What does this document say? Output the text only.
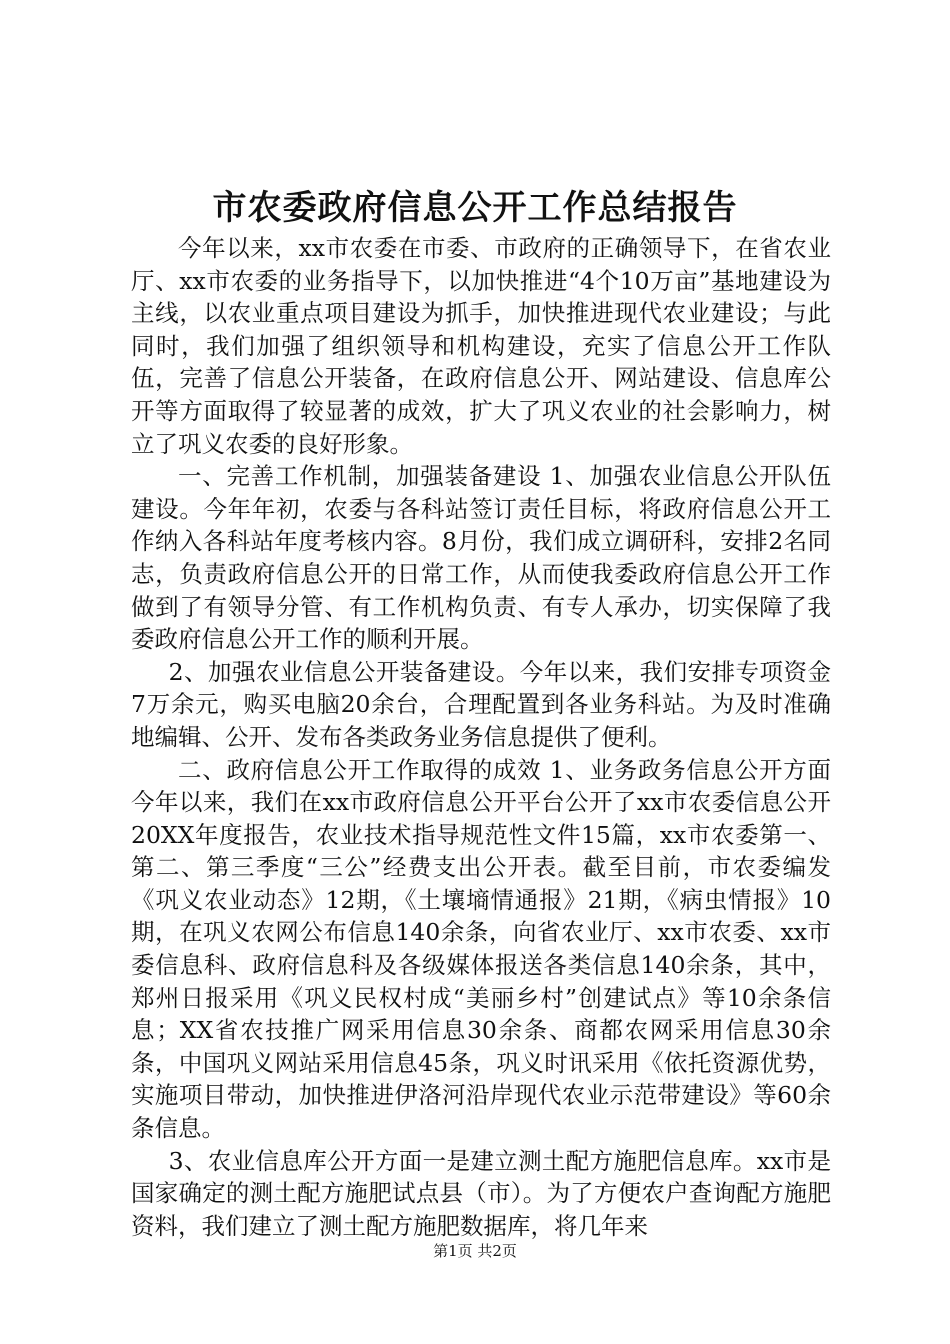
市农委政府信息公开工作总结报告

今年以来，xx市农委在市委、市政府的正确领导下，在省农业厅、xx市农委的业务指导下，以加快推进“4个10万亩”基地建设为主线，以农业重点项目建设为抓手，加快推进现代农业建设；与此同时，我们加强了组织领导和机构建设，充实了信息公开工作队伍，完善了信息公开装备，在政府信息公开、网站建设、信息库公开等方面取得了较显著的成效，扩大了巩义农业的社会影响力，树立了巩义农委的良好形象。

一、完善工作机制，加强装备建设 1、加强农业信息公开队伍建设。今年年初，农委与各科站签订责任目标，将政府信息公开工作纳入各科站年度考核内容。8月份，我们成立调研科，安排2名同志，负责政府信息公开的日常工作，从而使我委政府信息公开工作做到了有领导分管、有工作机构负责、有专人承办，切实保障了我委政府信息公开工作的顺利开展。

2、加强农业信息公开装备建设。今年以来，我们安排专项资金7万余元，购买电脑20余台，合理配置到各业务科站。为及时准确地编辑、公开、发布各类政务业务信息提供了便利。

二、政府信息公开工作取得的成效 1、业务政务信息公开方面今年以来，我们在xx市政府信息公开平台公开了xx市农委信息公开20XX年度报告，农业技术指导规范性文件15篇，xx市农委第一、第二、第三季度“三公”经费支出公开表。截至目前，市农委编发《巩义农业动态》12期，《土壤墒情通报》21期，《病虫情报》10期，在巩义农网公布信息140余条，向省农业厅、xx市农委、xx市委信息科、政府信息科及各级媒体报送各类信息140余条，其中，郑州日报采用《巩义民权村成“美丽乡村”创建试点》等10余条信息；XX省农技推广网采用信息30余条、商都农网采用信息30余条，中国巩义网站采用信息45条，巩义时讯采用《依托资源优势，实施项目带动，加快推进伊洛河沿岸现代农业示范带建设》等60余条信息。

3、农业信息库公开方面一是建立测土配方施肥信息库。xx市是国家确定的测土配方施肥试点县（市）。为了方便农户查询配方施肥资料，我们建立了测土配方施肥数据库，将几年来

第1页 共2页
